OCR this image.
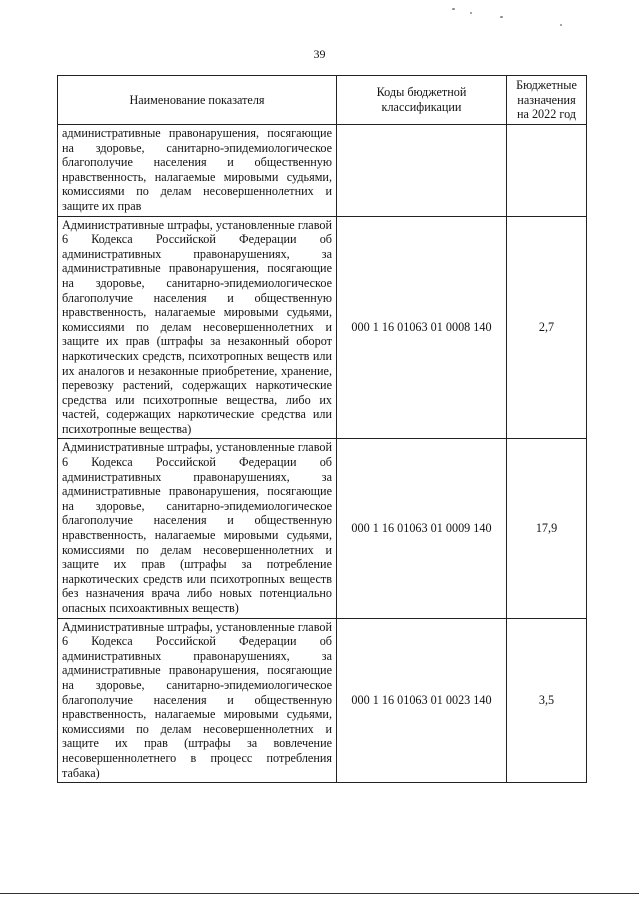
39
Наименование показателя	Коды бюджетной классификации	Бюджетные назначения на 2022 год
административные правонарушения, посягающие на здоровье, санитарно-эпидемиологическое благополучие населения и общественную нравственность, налагаемые мировыми судьями, комиссиями по делам несовершеннолетних и защите их прав		
Административные штрафы, установленные главой 6 Кодекса Российской Федерации об административных правонарушениях, за административные правонарушения, посягающие на здоровье, санитарно-эпидемиологическое благополучие населения и общественную нравственность, налагаемые мировыми судьями, комиссиями по делам несовершеннолетних и защите их прав (штрафы за незаконный оборот наркотических средств, психотропных веществ или их аналогов и незаконные приобретение, хранение, перевозку растений, содержащих наркотические средства или психотропные вещества, либо их частей, содержащих наркотические средства или психотропные вещества)	000 1 16 01063 01 0008 140	2,7
Административные штрафы, установленные главой 6 Кодекса Российской Федерации об административных правонарушениях, за административные правонарушения, посягающие на здоровье, санитарно-эпидемиологическое благополучие населения и общественную нравственность, налагаемые мировыми судьями, комиссиями по делам несовершеннолетних и защите их прав (штрафы за потребление наркотических средств или психотропных веществ без назначения врача либо новых потенциально опасных психоактивных веществ)	000 1 16 01063 01 0009 140	17,9
Административные штрафы, установленные главой 6 Кодекса Российской Федерации об административных правонарушениях, за административные правонарушения, посягающие на здоровье, санитарно-эпидемиологическое благополучие населения и общественную нравственность, налагаемые мировыми судьями, комиссиями по делам несовершеннолетних и защите их прав (штрафы за вовлечение несовершеннолетнего в процесс потребления табака)	000 1 16 01063 01 0023 140	3,5
